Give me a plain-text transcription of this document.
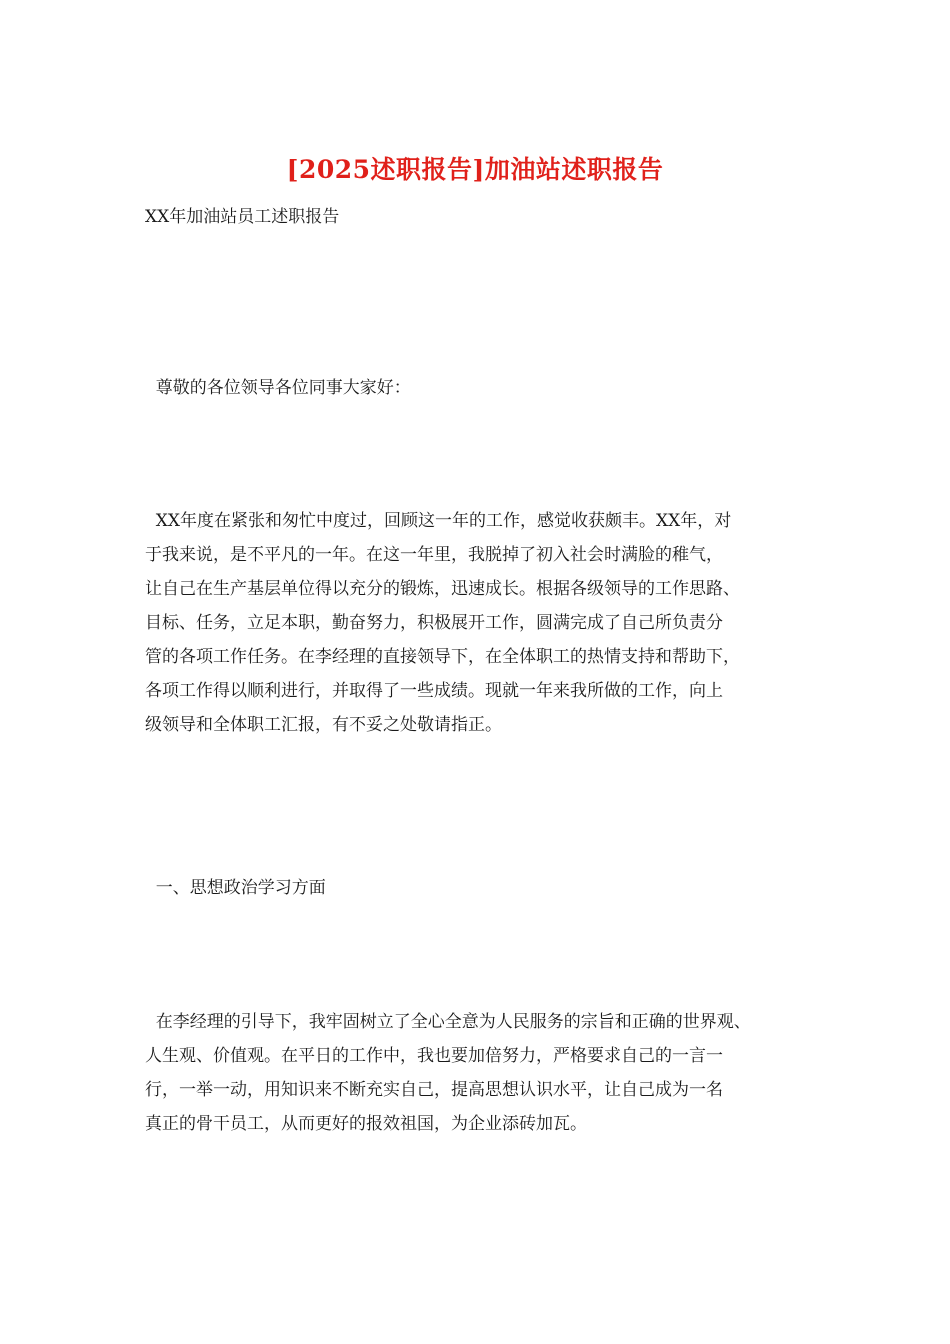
[2025述职报告]加油站述职报告
XX年加油站员工述职报告
尊敬的各位领导各位同事大家好：
XX年度在紧张和匆忙中度过，回顾这一年的工作，感觉收获颇丰。XX年，对
于我来说，是不平凡的一年。在这一年里，我脱掉了初入社会时满脸的稚气，
让自己在生产基层单位得以充分的锻炼，迅速成长。根据各级领导的工作思路、
目标、任务，立足本职，勤奋努力，积极展开工作，圆满完成了自己所负责分
管的各项工作任务。在李经理的直接领导下，在全体职工的热情支持和帮助下，
各项工作得以顺利进行，并取得了一些成绩。现就一年来我所做的工作，向上
级领导和全体职工汇报，有不妥之处敬请指正。
一、思想政治学习方面
在李经理的引导下，我牢固树立了全心全意为人民服务的宗旨和正确的世界观、
人生观、价值观。在平日的工作中，我也要加倍努力，严格要求自己的一言一
行，一举一动，用知识来不断充实自己，提高思想认识水平，让自己成为一名
真正的骨干员工，从而更好的报效祖国，为企业添砖加瓦。
